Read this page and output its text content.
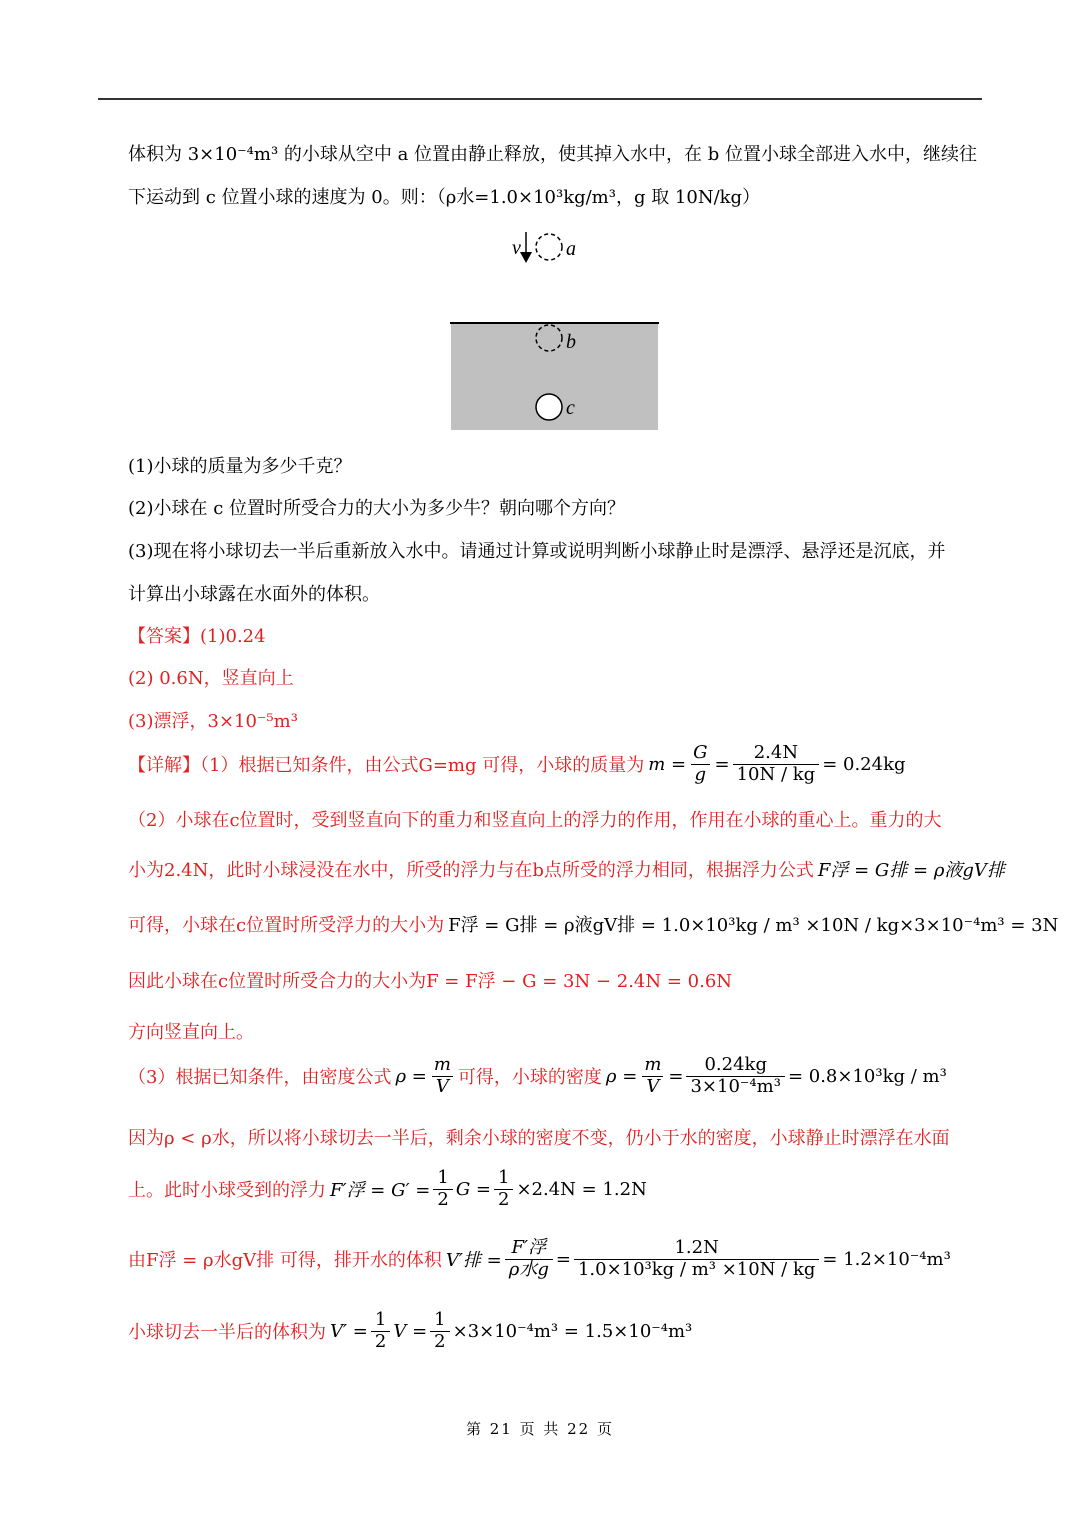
体积为 3×10⁻⁴m³ 的小球从空中 a 位置由静止释放，使其掉入水中，在 b 位置小球全部进入水中，继续往
下运动到 c 位置小球的速度为 0。则：（ρ水=1.0×10³kg/m³，g 取 10N/kg）
v a
b
c
(1)小球的质量为多少千克？
(2)小球在 c 位置时所受合力的大小为多少牛？朝向哪个方向？
(3)现在将小球切去一半后重新放入水中。请通过计算或说明判断小球静止时是漂浮、悬浮还是沉底，并
计算出小球露在水面外的体积。
【答案】(1)0.24
(2) 0.6N，竖直向上
(3)漂浮，3×10⁻⁵m³
【详解】（1）根据已知条件，由公式G=mg 可得，小球的质量为 $m = \frac{G}{g} = \frac{2.4N}{10N / kg} = 0.24kg$
（2）小球在c位置时，受到竖直向下的重力和竖直向上的浮力的作用，作用在小球的重心上。重力的大
小为2.4N，此时小球浸没在水中，所受的浮力与在b点所受的浮力相同，根据浮力公式 F浮 = G排 = ρ液gV排
可得，小球在c位置时所受浮力的大小为 F浮 = G排 = ρ液gV排 = 1.0×10³kg / m³ ×10N / kg×3×10⁻⁴m³ = 3N
因此小球在c位置时所受合力的大小为F = F浮 − G = 3N − 2.4N = 0.6N
方向竖直向上。
（3）根据已知条件，由密度公式 $\rho = \frac{m}{V}$ 可得，小球的密度 $\rho = \frac{m}{V} = \frac{0.24kg}{\text{3×10⁻⁴m³}} = 0.8\times 10^3kg / m^3$
因为ρ < ρ水，所以将小球切去一半后，剩余小球的密度不变，仍小于水的密度，小球静止时漂浮在水面
上。此时小球受到的浮力 F′浮 = $G' = \frac{1}{2}$ $G = \frac{1}{2} \times 2.4N = 1.2N$
由F浮 = ρ水gV排 可得，排开水的体积 V′排 = $\frac{\text{F′浮}}{\text{ρ水g}} = \frac{1.2N}{\text{1.0×10³kg / m³ ×10N / kg}} = 1.2\times 10^{-4}m^3$
小球切去一半后的体积为 $V' = \frac{1}{2}$ $V = \frac{1}{2} \times 3\times 10^{-4}m^3 = 1.5\times 10^{-4}m^3$
第 21 页 共 22 页
